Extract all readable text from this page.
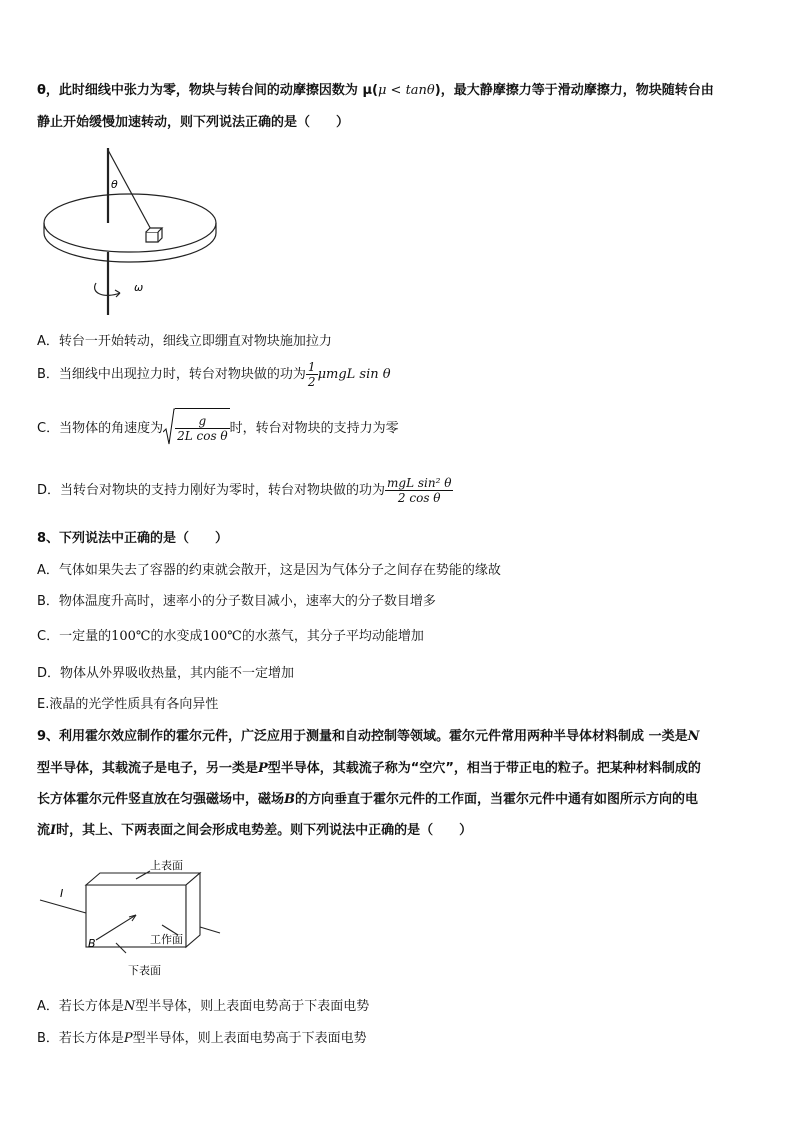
θ，此时细线中张力为零，物块与转台间的动摩擦因数为 μ(μ < tanθ)，最大静摩擦力等于滑动摩擦力，物块随转台由
静止开始缓慢加速转动，则下列说法正确的是（　　）
θ
ω
A．转台一开始转动，细线立即绷直对物块施加拉力
B．当细线中出现拉力时，转台对物块做的功为 $\frac{1}{2}$ μmgL sin θ
C．当物体的角速度为 $\frac{g}{\text{2L cos θ}}$ 时，转台对物块的支持力为零
D．当转台对物块的支持力刚好为零时，转台对物块做的功为 $\frac{\text{mgL sin² θ}}{\text{2 cos θ}}$
8、下列说法中正确的是（　　）
A．气体如果失去了容器的约束就会散开，这是因为气体分子之间存在势能的缘故
B．物体温度升高时，速率小的分子数目减小，速率大的分子数目增多
C．一定量的100℃的水变成100℃的水蒸气，其分子平均动能增加
D．物体从外界吸收热量，其内能不一定增加
E.液晶的光学性质具有各向异性
9、利用霍尔效应制作的霍尔元件，广泛应用于测量和自动控制等领域。霍尔元件常用两种半导体材料制成 一类是N
型半导体，其载流子是电子，另一类是P型半导体，其载流子称为“空穴”，相当于带正电的粒子。把某种材料制成的
长方体霍尔元件竖直放在匀强磁场中，磁场B的方向垂直于霍尔元件的工作面，当霍尔元件中通有如图所示方向的电
流I时，其上、下两表面之间会形成电势差。则下列说法中正确的是（　　）
上表面
工作面
下表面
I
B
A．若长方体是N型半导体，则上表面电势高于下表面电势
B．若长方体是P型半导体，则上表面电势高于下表面电势
